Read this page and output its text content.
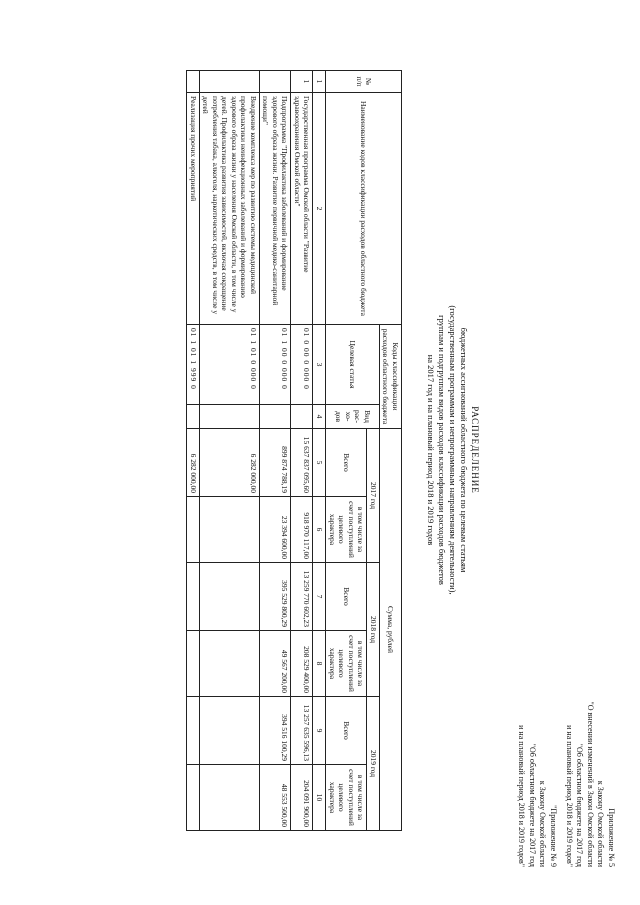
Приложение № 5
к Закону Омской области
"О внесении изменений в Закон Омской области
"Об областном бюджете на 2017 год
и на плановый период 2018 и 2019 годов"
"Приложение № 9
к Закону Омской области
"Об областном бюджете на 2017 год
и на плановый период 2018 и 2019 годов"
РАСПРЕДЕЛЕНИЕ
бюджетных ассигнований областного бюджета по целевым статьям
(государственным программам и непрограммным направлениям деятельности),
группам и подгруппам видов расходов классификации расходов бюджетов
на 2017 год и на плановый период 2018 и 2019 годов
№ п/п	Наименование кодов классификации расходов областного бюджета	Коды классификации расходов областного бюджета		Сумма, рублей					
		Целевая статья	Вид рас-хо-дов	2017 год		2018 год		2019 год	
				Всего	в том числе за счет поступлений целевого характера	Всего	в том числе за счет поступлений целевого характера	Всего	в том числе за счет поступлений целевого характера
1	2	3	4	5	6	7	8	9	10
1	Государственная программа Омской области "Развитие здравоохранения Омской области"	01 0 00 0 000 0		15 637 837 095,60	918 970 117,00	13 259 770 602,23	208 529 400,00	13 257 635 596,13	204 091 900,00
	Подпрограмма "Профилактика заболеваний и формирование здорового образа жизни. Развитие первичной медико-санитарной помощи"	01 1 00 0 000 0		899 874 788,19	23 394 600,00	395 529 800,29	49 567 200,00	394 516 100,29	48 553 500,00
	Внедрение комплекса мер по развитию системы медицинской профилактики неинфекционных заболеваний и формированию здорового образа жизни у населения Омской области, в том числе у детей. Профилактика развития зависимостей, включая сокращение потребления табака, алкоголя, наркотических средств, в том числе у детей	01 1 01 0 000 0		6 282 000,00					
	Реализация прочих мероприятий	01 1 01 1 999 0		6 282 000,00					
